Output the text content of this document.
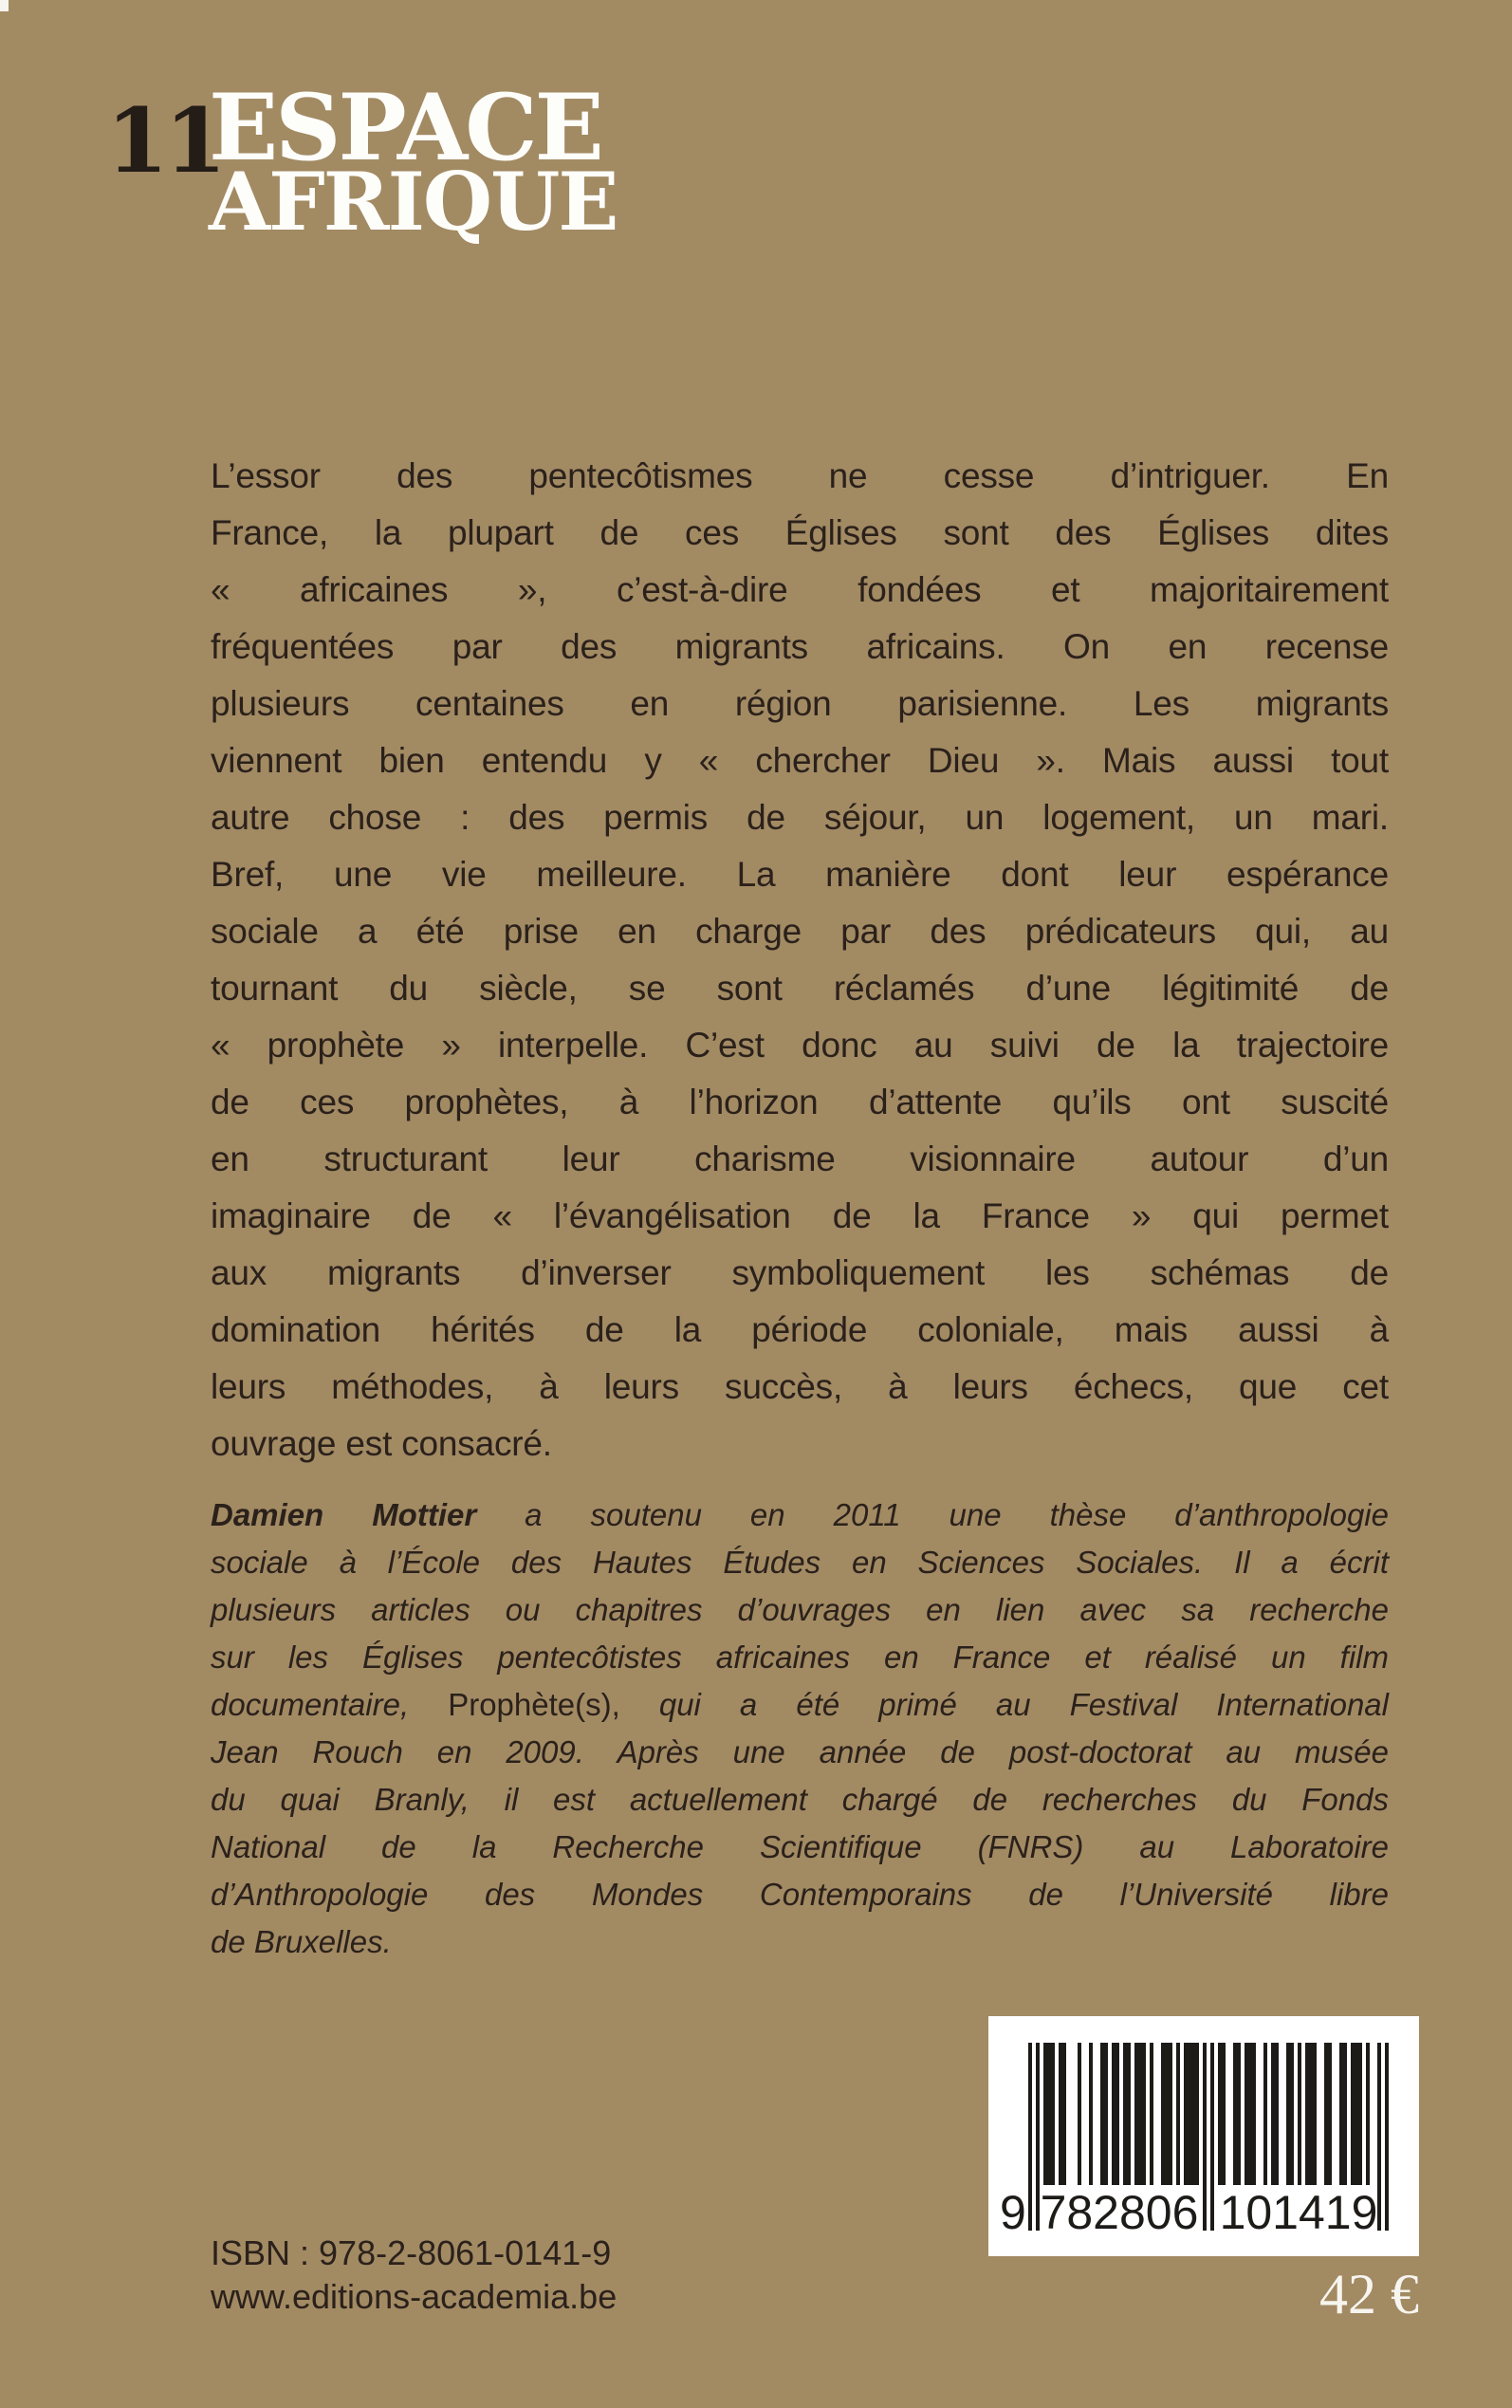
11
ESPACE
AFRIQUE
L’essor des pentecôtismes ne cesse d’intriguer. En
France, la plupart de ces Églises sont des Églises dites
« africaines », c’est-à-dire fondées et majoritairement
fréquentées par des migrants africains. On en recense
plusieurs centaines en région parisienne. Les migrants
viennent bien entendu y « chercher Dieu ». Mais aussi tout
autre chose : des permis de séjour, un logement, un mari.
Bref, une vie meilleure. La manière dont leur espérance
sociale a été prise en charge par des prédicateurs qui, au
tournant du siècle, se sont réclamés d’une légitimité de
« prophète » interpelle. C’est donc au suivi de la trajectoire
de ces prophètes, à l’horizon d’attente qu’ils ont suscité
en structurant leur charisme visionnaire autour d’un
imaginaire de « l’évangélisation de la France » qui permet
aux migrants d’inverser symboliquement les schémas de
domination hérités de la période coloniale, mais aussi à
leurs méthodes, à leurs succès, à leurs échecs, que cet
ouvrage est consacré.
Damien Mottier a soutenu en 2011 une thèse d’anthropologie
sociale à l’École des Hautes Études en Sciences Sociales. Il a écrit
plusieurs articles ou chapitres d’ouvrages en lien avec sa recherche
sur les Églises pentecôtistes africaines en France et réalisé un film
documentaire, Prophète(s), qui a été primé au Festival International
Jean Rouch en 2009. Après une année de post-doctorat au musée
du quai Branly, il est actuellement chargé de recherches du Fonds
National de la Recherche Scientifique (FNRS) au Laboratoire
d’Anthropologie des Mondes Contemporains de l’Université libre
de Bruxelles.
9 782806 101419
ISBN : 978-2-8061-0141-9
www.editions-academia.be	42 €
